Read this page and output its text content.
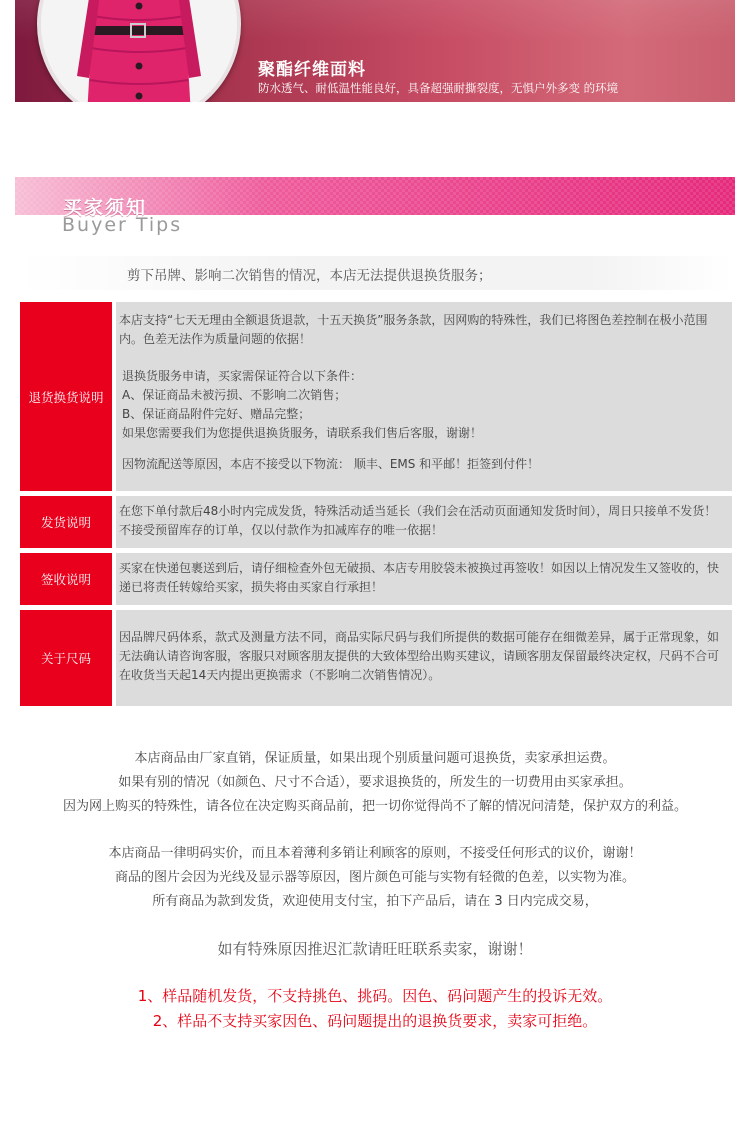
聚酯纤维面料
防水透气、耐低温性能良好，具备超强耐撕裂度，无惧户外多变 的环境
买家须知
Buyer Tips
剪下吊牌、影响二次销售的情况，本店无法提供退换货服务；
退货换货说明

本店支持“七天无理由全额退货退款，十五天换货”服务条款，因网购的特殊性，我们已将图色差控制在极小范围内。色差无法作为质量问题的依据！

退换货服务申请，买家需保证符合以下条件：

A、保证商品未被污损、不影响二次销售；

B、保证商品附件完好、赠品完整；

如果您需要我们为您提供退换货服务，请联系我们售后客服，谢谢！

因物流配送等原因，本店不接受以下物流： 顺丰、EMS 和平邮！拒签到付件！

发货说明

在您下单付款后48小时内完成发货，特殊活动适当延长（我们会在活动页面通知发货时间），周日只接单不发货！不接受预留库存的订单，仅以付款作为扣减库存的唯一依据！

签收说明

买家在快递包裹送到后，请仔细检查外包无破损、本店专用胶袋未被换过再签收！如因以上情况发生又签收的，快递已将责任转嫁给买家，损失将由买家自行承担！

关于尺码

因品牌尺码体系，款式及测量方法不同，商品实际尺码与我们所提供的数据可能存在细微差异，属于正常现象，如无法确认请咨询客服，客服只对顾客朋友提供的大致体型给出购买建议，请顾客朋友保留最终决定权，尺码不合可在收货当天起14天内提出更换需求（不影响二次销售情况）。

本店商品由厂家直销，保证质量，如果出现个别质量问题可退换货，卖家承担运费。
如果有别的情况（如颜色、尺寸不合适），要求退换货的，所发生的一切费用由买家承担。
因为网上购买的特殊性，请各位在决定购买商品前，把一切你觉得尚不了解的情况问清楚，保护双方的利益。
本店商品一律明码实价，而且本着薄利多销让利顾客的原则，不接受任何形式的议价，谢谢！
商品的图片会因为光线及显示器等原因，图片颜色可能与实物有轻微的色差，以实物为准。
所有商品为款到发货，欢迎使用支付宝，拍下产品后，请在 3 日内完成交易，
如有特殊原因推迟汇款请旺旺联系卖家，谢谢！
1、样品随机发货，不支持挑色、挑码。因色、码问题产生的投诉无效。
2、样品不支持买家因色、码问题提出的退换货要求，卖家可拒绝。
